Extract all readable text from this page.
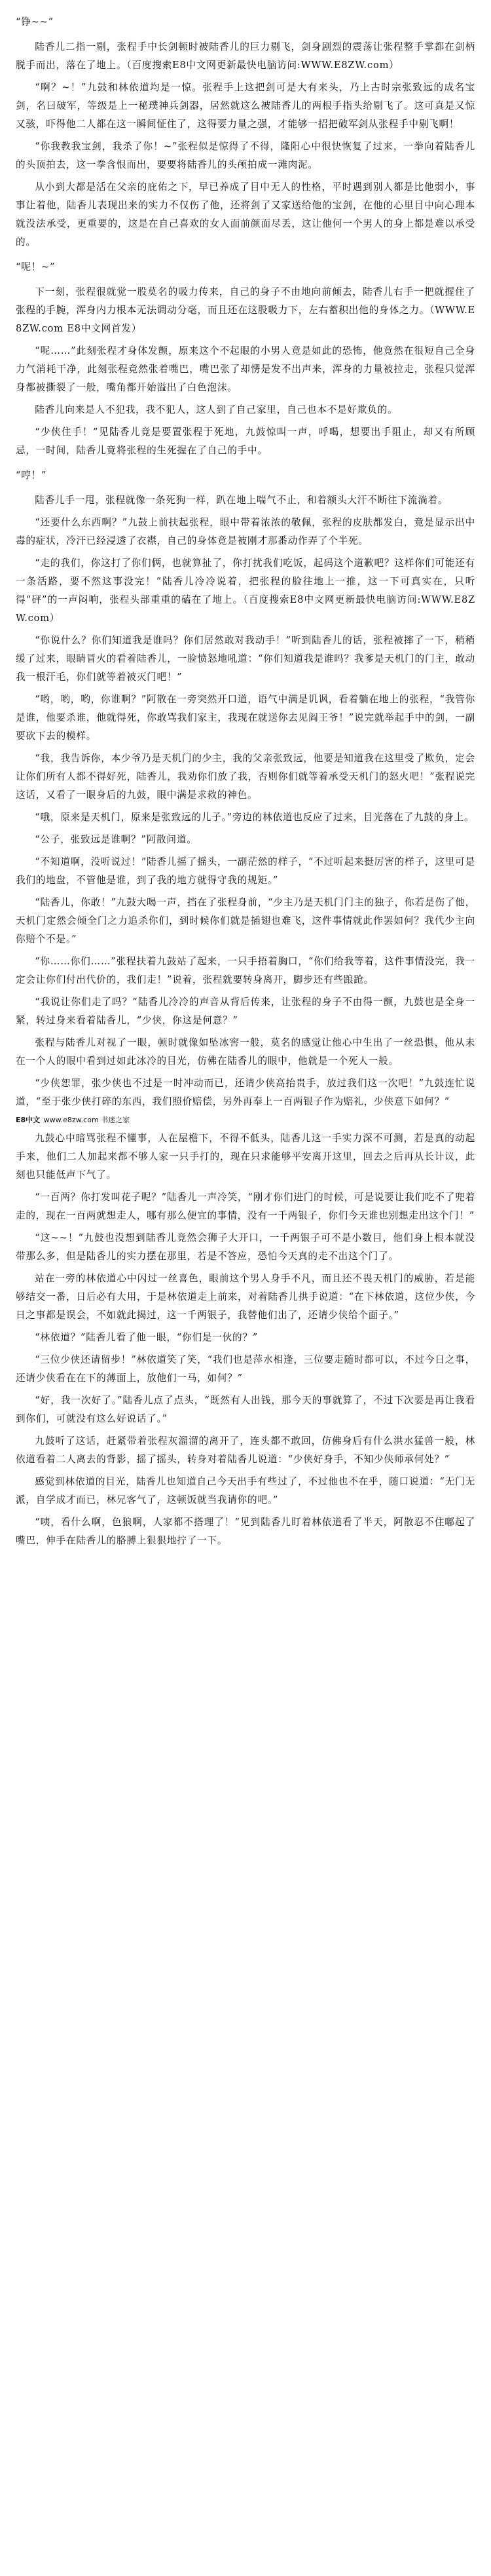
“铮~~”

陆香儿二指一剔，张程手中长剑顿时被陆香儿的巨力剔飞，剑身剧烈的震荡让张程整手掌都在剑柄脱手而出，落在了地上。（百度搜索E8中文网更新最快电脑访问:WWW.E8ZW.com）

“啊？~！”九鼓和林依道均是一惊。张程手上这把剑可是大有来头，乃上古时宗张致远的成名宝剑，名曰破军，等级是上一秘璞神兵剑器，居然就这么被陆香儿的两根手指头给剔飞了。这可真是又惊又骇，吓得他二人都在这一瞬间怔住了，这得要力量之强，才能够一招把破军剑从张程手中剔飞啊！

“你我教我宝剑，我杀了你！~”张程似是惊得了不得，隆阳心中很快恢复了过来，一拳向着陆香儿的头顶拍去，这一拳含恨而出，要要将陆香儿的头颅拍成一滩肉泥。

从小到大都是活在父亲的庇佑之下，早已养成了目中无人的性格，平时遇到别人都是比他弱小，事事让着他，陆香儿表现出来的实力不仅伤了他，还将剑了又家送给他的宝剑，在他的心里目中向心理本就没法承受，更重要的，这是在自己喜欢的女人面前颜面尽丢，这让他何一个男人的身上都是难以承受的。

“呢！~”

下一刻，张程很就觉一股莫名的吸力传来，自己的身子不由地向前倾去，陆香儿右手一把就握住了张程的手腕，浑身内力根本无法调动分毫，而且还在这股吸力下，左右蓄积出他的身体之力。（WWW.E8ZW.com E8中文网首发）

“呢……”此刻张程才身体发颤，原来这个不起眼的小男人竟是如此的恐怖，他竟然在很短自己全身力气消耗干净，此刻张程竟然张着嘴巴，嘴巴张了却愣是发不出声来，浑身的力量被拉走，张程只觉浑身都被撕裂了一般，嘴角都开始溢出了白色泡沫。

陆香儿向来是人不犯我，我不犯人，这人到了自己家里，自己也本不是好欺负的。

“少侠住手！”见陆香儿竟是要置张程于死地，九鼓惊叫一声，呼喝，想要出手阻止，却又有所顾忌，一时间，陆香儿竟将张程的生死握在了自己的手中。

“哼！”

陆香儿手一甩，张程就像一条死狗一样，趴在地上喘气不止，和着额头大汗不断往下流淌着。

“还要什么东西啊？”九鼓上前扶起张程，眼中带着浓浓的敬佩，张程的皮肤都发白，竟是显示出中毒的症状，冷汗已经浸透了衣襟，自己的身体竟是被刚才那番动作弄了个半死。

“走的我们，你这打了你们俩，也就算扯了，你打扰我们吃饭，起码这个道歉吧？这样你们可能还有一条活路，要不然这事没完！”陆香儿冷冷说着，把张程的脸往地上一推，这一下可真实在，只听得“砰”的一声闷响，张程头部重重的磕在了地上。（百度搜索E8中文网更新最快电脑访问:WWW.E8ZW.com）

“你说什么？你们知道我是谁吗？你们居然敢对我动手！”听到陆香儿的话，张程被摔了一下，稍稍缓了过来，眼睛冒火的看着陆香儿，一脸愤怒地吼道：“你们知道我是谁吗？我爹是天机门的门主，敢动我一根汗毛，你们就等着被灭门吧！”

“哟，哟，哟，你谁啊？”阿散在一旁突然开口道，语气中满是讥讽，看着躺在地上的张程，“我管你是谁，他要杀谁，他就得死，你敢骂我们家主，我现在就送你去见阎王爷！”说完就举起手中的剑，一副要砍下去的模样。

“我，我告诉你，本少爷乃是天机门的少主，我的父亲张致远，他要是知道我在这里受了欺负，定会让你们所有人都不得好死，陆香儿，我劝你们放了我，否则你们就等着承受天机门的怒火吧！”张程说完这话，又看了一眼身后的九鼓，眼中满是求救的神色。

“哦，原来是天机门，原来是张致远的儿子。”旁边的林依道也反应了过来，目光落在了九鼓的身上。

“公子，张致远是谁啊？”阿散问道。

“不知道啊，没听说过！”陆香儿摇了摇头，一副茫然的样子，“不过听起来挺厉害的样子，这里可是我们的地盘，不管他是谁，到了我的地方就得守我的规矩。”

“陆香儿，你敢！”九鼓大喝一声，挡在了张程身前，“少主乃是天机门门主的独子，你若是伤了他，天机门定然会倾全门之力追杀你们，到时候你们就是插翅也难飞，这件事情就此作罢如何？我代少主向你赔个不是。”

“你……你们……”张程扶着九鼓站了起来，一只手捂着胸口，“你们给我等着，这件事情没完，我一定会让你们付出代价的，我们走！”说着，张程就要转身离开，脚步还有些踉跄。

“我说让你们走了吗？”陆香儿冷冷的声音从背后传来，让张程的身子不由得一颤，九鼓也是全身一紧，转过身来看着陆香儿，“少侠，你这是何意？”

张程与陆香儿对视了一眼，顿时就像如坠冰窖一般，莫名的感觉让他心中生出了一丝恐惧，他从未在一个人的眼中看到过如此冰冷的目光，仿佛在陆香儿的眼中，他就是一个死人一般。

“少侠恕罪，张少侠也不过是一时冲动而已，还请少侠高抬贵手，放过我们这一次吧！”九鼓连忙说道，“至于张少侠打碎的东西，我们照价赔偿，另外再奉上一百两银子作为赔礼，少侠意下如何？”

E8中文 www.e8zw.com 书迷之家

九鼓心中暗骂张程不懂事，人在屋檐下，不得不低头，陆香儿这一手实力深不可测，若是真的动起手来，他们二人加起来都不够人家一只手打的，现在只求能够平安离开这里，回去之后再从长计议，此刻也只能低声下气了。

“一百两？你打发叫花子呢？”陆香儿一声冷笑，“刚才你们进门的时候，可是说要让我们吃不了兜着走的，现在一百两就想走人，哪有那么便宜的事情，没有一千两银子，你们今天谁也别想走出这个门！”

“这~~！”九鼓也没想到陆香儿竟然会狮子大开口，一千两银子可不是小数目，他们身上根本就没带那么多，但是陆香儿的实力摆在那里，若是不答应，恐怕今天真的走不出这个门了。

站在一旁的林依道心中闪过一丝喜色，眼前这个男人身手不凡，而且还不畏天机门的威胁，若是能够结交一番，日后必有大用，于是林依道走上前来，对着陆香儿拱手说道：“在下林依道，这位少侠，今日之事都是误会，不如就此揭过，这一千两银子，我替他们出了，还请少侠给个面子。”

“林依道？”陆香儿看了他一眼，“你们是一伙的？”

“三位少侠还请留步！”林依道笑了笑，“我们也是萍水相逢，三位要走随时都可以，不过今日之事，还请少侠看在在下的薄面上，放他们一马，如何？”

“好，我一次好了。”陆香儿点了点头，“既然有人出钱，那今天的事就算了，不过下次要是再让我看到你们，可就没有这么好说话了。”

九鼓听了这话，赶紧带着张程灰溜溜的离开了，连头都不敢回，仿佛身后有什么洪水猛兽一般，林依道看着二人离去的背影，摇了摇头，转身对着陆香儿说道：“少侠好身手，不知少侠师承何处？”

感觉到林依道的目光，陆香儿也知道自己今天出手有些过了，不过他也不在乎，随口说道：“无门无派，自学成才而已，林兄客气了，这顿饭就当我请你的吧。”

“咦，看什么啊，色狼啊，人家都不搭理了！”见到陆香儿盯着林依道看了半天，阿散忍不住嘟起了嘴巴，伸手在陆香儿的胳膊上狠狠地拧了一下。
